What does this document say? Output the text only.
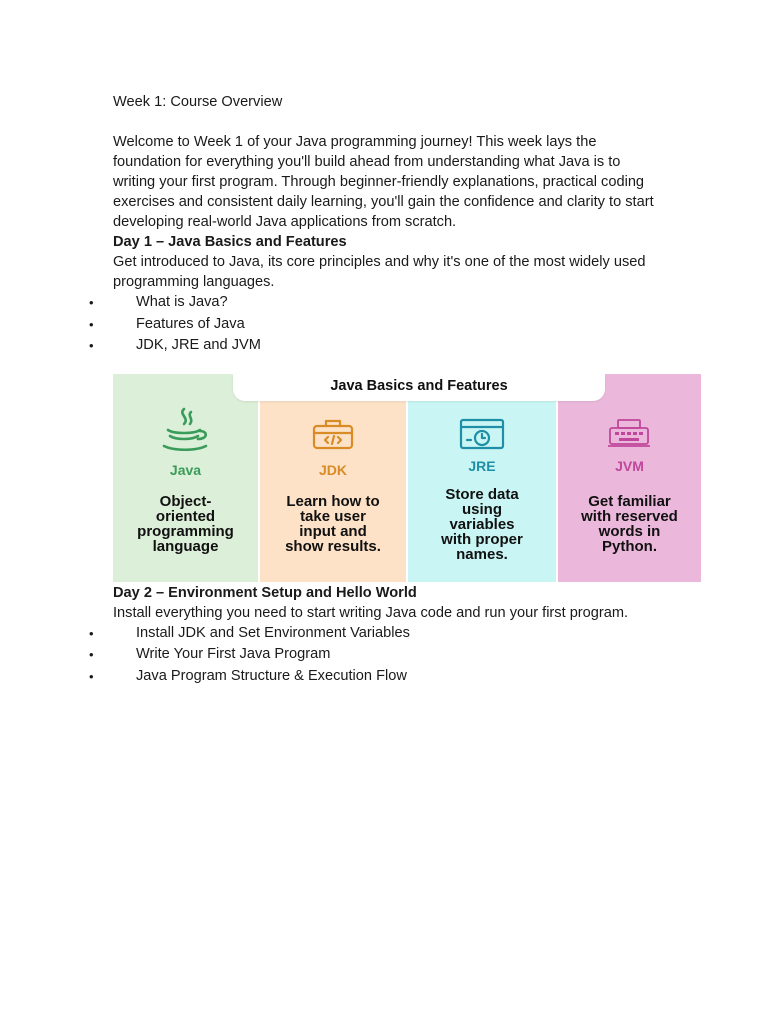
Week 1: Course Overview

Welcome to Week 1 of your Java programming journey! This week lays the

foundation for everything you'll build ahead from understanding what Java is to

writing your first program. Through beginner-friendly explanations, practical coding

exercises and consistent daily learning, you'll gain the confidence and clarity to start

developing real-world Java applications from scratch.

Day 1 – Java Basics and Features

Get introduced to Java, its core principles and why it's one of the most widely used

programming languages.

•	What is Java?
•	Features of Java
•	JDK, JRE and JVM
Java
Object-
oriented
programming
language
JDK
Learn how to
take user
input and
show results.
JRE
Store data
using
variables
with proper
names.
JVM
Get familiar
with reserved
words in
Python.
Java Basics and Features

Day 2 – Environment Setup and Hello World

Install everything you need to start writing Java code and run your first program.

•	Install JDK and Set Environment Variables
•	Write Your First Java Program
•	Java Program Structure & Execution Flow
